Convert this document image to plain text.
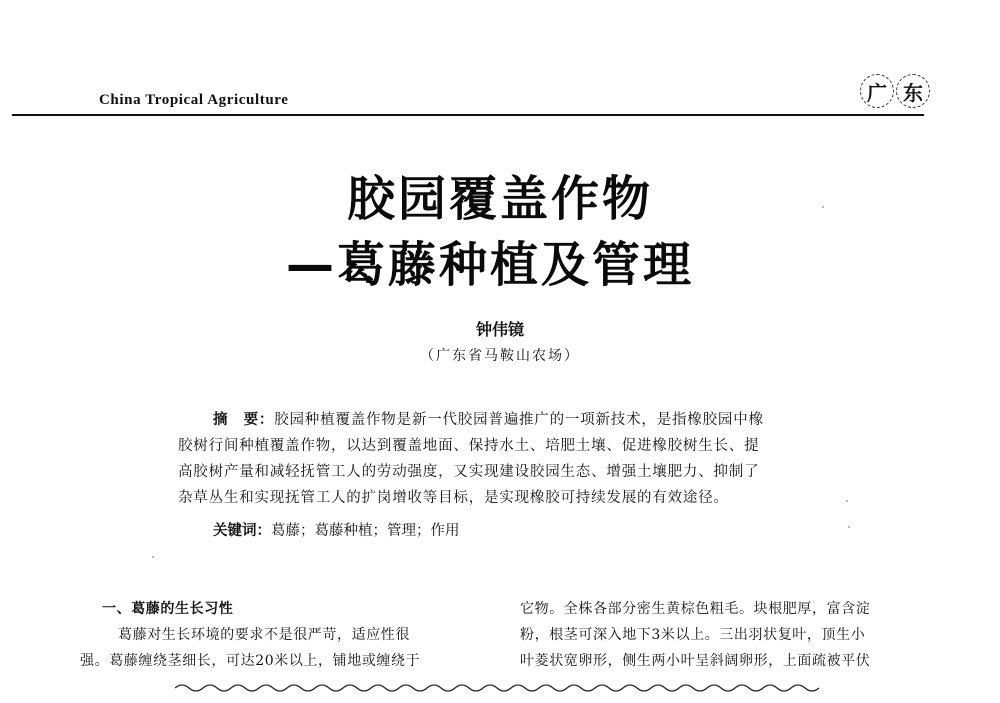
China Tropical Agriculture	广 东
胶园覆盖作物
—葛藤种植及管理
钟伟镜
（广东省马鞍山农场）
摘　要：胶园种植覆盖作物是新一代胶园普遍推广的一项新技术，是指橡胶园中橡
胶树行间种植覆盖作物，以达到覆盖地面、保持水土、培肥土壤、促进橡胶树生长、提
高胶树产量和减轻抚管工人的劳动强度，又实现建设胶园生态、增强土壤肥力、抑制了
杂草丛生和实现抚管工人的扩岗增收等目标，是实现橡胶可持续发展的有效途径。
关键词：葛藤；葛藤种植；管理；作用
一、葛藤的生长习性
葛藤对生长环境的要求不是很严苛，适应性很
强。葛藤缠绕茎细长，可达20米以上，铺地或缠绕于
它物。全株各部分密生黄棕色粗毛。块根肥厚，富含淀
粉，根茎可深入地下3米以上。三出羽状复叶，顶生小
叶菱状宽卵形，侧生两小叶呈斜阔卵形，上面疏被平伏
